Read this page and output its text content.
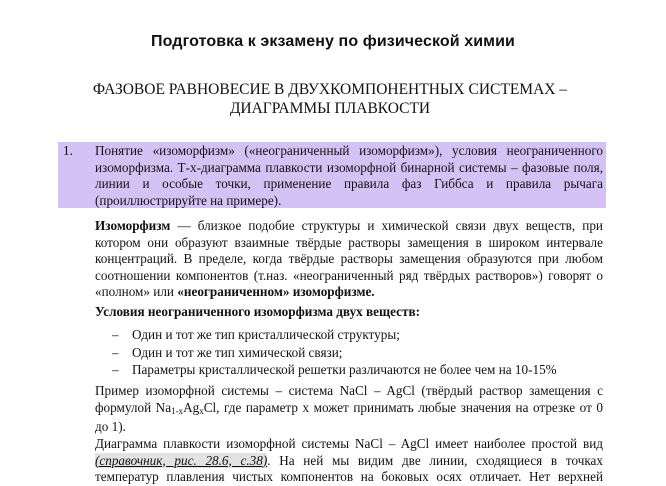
Подготовка к экзамену по физической химии
ФАЗОВОЕ РАВНОВЕСИЕ В ДВУХКОМПОНЕНТНЫХ СИСТЕМАХ –
ДИАГРАММЫ ПЛАВКОСТИ
1. Понятие «изоморфизм» («неограниченный изоморфизм»), условия неограниченного
изоморфизма. Т-х-диаграмма плавкости изоморфной бинарной системы – фазовые поля,
линии и особые точки, применение правила фаз Гиббса и правила рычага
(проиллюстрируйте на примере).
Изоморфизм — близкое подобие структуры и химической связи двух веществ, при
котором они образуют взаимные твёрдые растворы замещения в широком интервале
концентраций. В пределе, когда твёрдые растворы замещения образуются при любом
соотношении компонентов (т.наз. «неограниченный ряд твёрдых растворов») говорят о
«полном» или «неограниченном» изоморфизме.
Условия неограниченного изоморфизма двух веществ:
– Один и тот же тип кристаллической структуры;
– Один и тот же тип химической связи;
– Параметры кристаллической решетки различаются не более чем на 10-15%
Пример изоморфной системы – система NaCl – AgCl (твёрдый раствор замещения с
формулой $Na_{1-x}Ag_xCl$, где параметр x может принимать любые значения на отрезке от 0
до 1).
Диаграмма плавкости изоморфной системы NaCl – AgCl имеет наиболее простой вид
(справочник, рис. 28.6, с.38). На ней мы видим две линии, сходящиеся в точках
температур плавления чистых компонентов на боковых осях отличает. Нет верхней
